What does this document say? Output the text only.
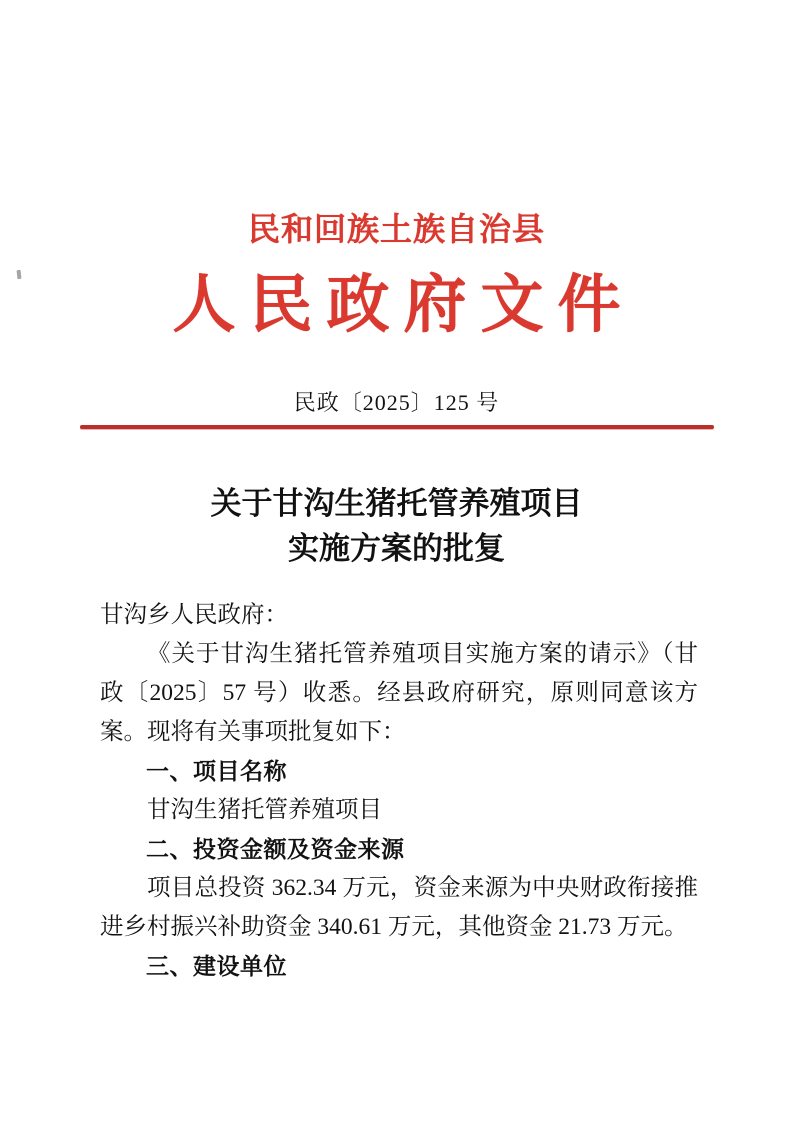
民和回族土族自治县
人民政府文件
民政〔2025〕125 号
关于甘沟生猪托管养殖项目
实施方案的批复

甘沟乡人民政府：

《关于甘沟生猪托管养殖项目实施方案的请示》（甘政〔2025〕57 号）收悉。经县政府研究，原则同意该方案。现将有关事项批复如下：

一、项目名称

甘沟生猪托管养殖项目

二、投资金额及资金来源

项目总投资 362.34 万元，资金来源为中央财政衔接推进乡村振兴补助资金 340.61 万元，其他资金 21.73 万元。

三、建设单位
